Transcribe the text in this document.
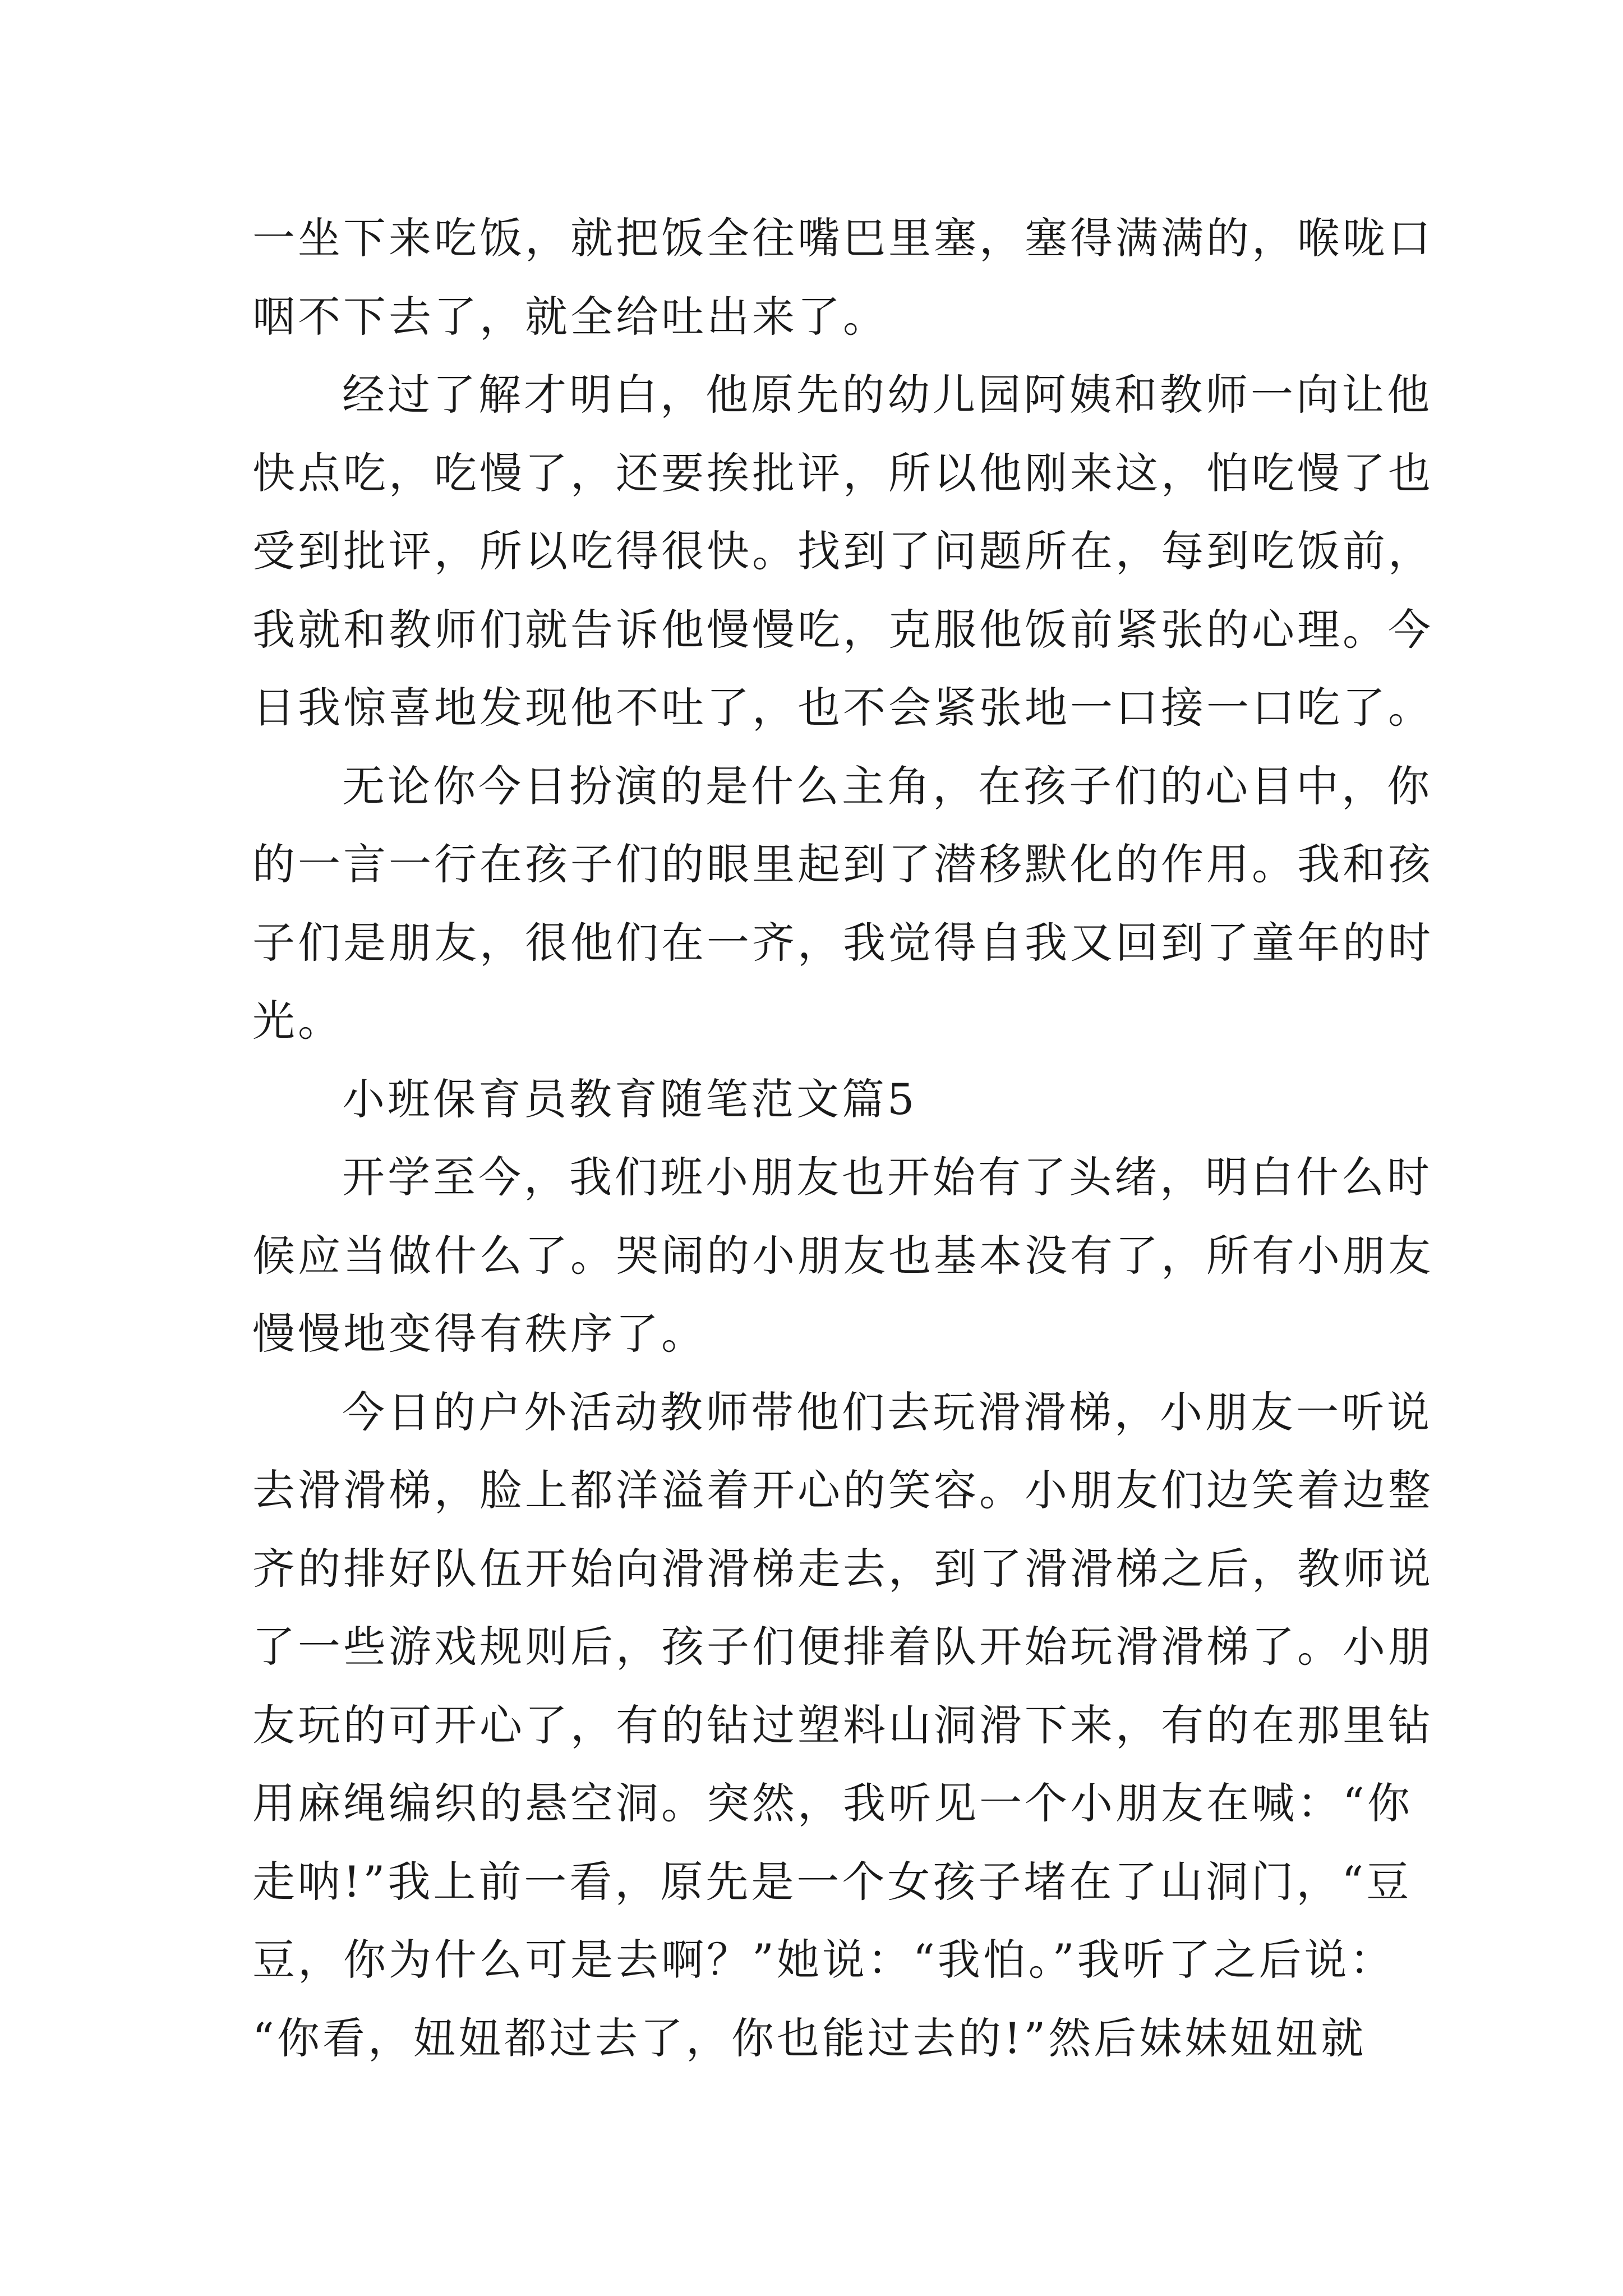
一坐下来吃饭，就把饭全往嘴巴里塞，塞得满满的，喉咙口
咽不下去了，就全给吐出来了。
经过了解才明白，他原先的幼儿园阿姨和教师一向让他
快点吃，吃慢了，还要挨批评，所以他刚来这，怕吃慢了也
受到批评，所以吃得很快。找到了问题所在，每到吃饭前，
我就和教师们就告诉他慢慢吃，克服他饭前紧张的心理。今
日我惊喜地发现他不吐了，也不会紧张地一口接一口吃了。
无论你今日扮演的是什么主角，在孩子们的心目中，你
的一言一行在孩子们的眼里起到了潜移默化的作用。我和孩
子们是朋友，很他们在一齐，我觉得自我又回到了童年的时
光。
小班保育员教育随笔范文篇5
开学至今，我们班小朋友也开始有了头绪，明白什么时
候应当做什么了。哭闹的小朋友也基本没有了，所有小朋友
慢慢地变得有秩序了。
今日的户外活动教师带他们去玩滑滑梯，小朋友一听说
去滑滑梯，脸上都洋溢着开心的笑容。小朋友们边笑着边整
齐的排好队伍开始向滑滑梯走去，到了滑滑梯之后，教师说
了一些游戏规则后，孩子们便排着队开始玩滑滑梯了。小朋
友玩的可开心了，有的钻过塑料山洞滑下来，有的在那里钻
用麻绳编织的悬空洞。突然，我听见一个小朋友在喊：“你
走呐!”我上前一看，原先是一个女孩子堵在了山洞门，“豆
豆，你为什么可是去啊？”她说：“我怕。”我听了之后说：
“你看，妞妞都过去了，你也能过去的!”然后妹妹妞妞就
